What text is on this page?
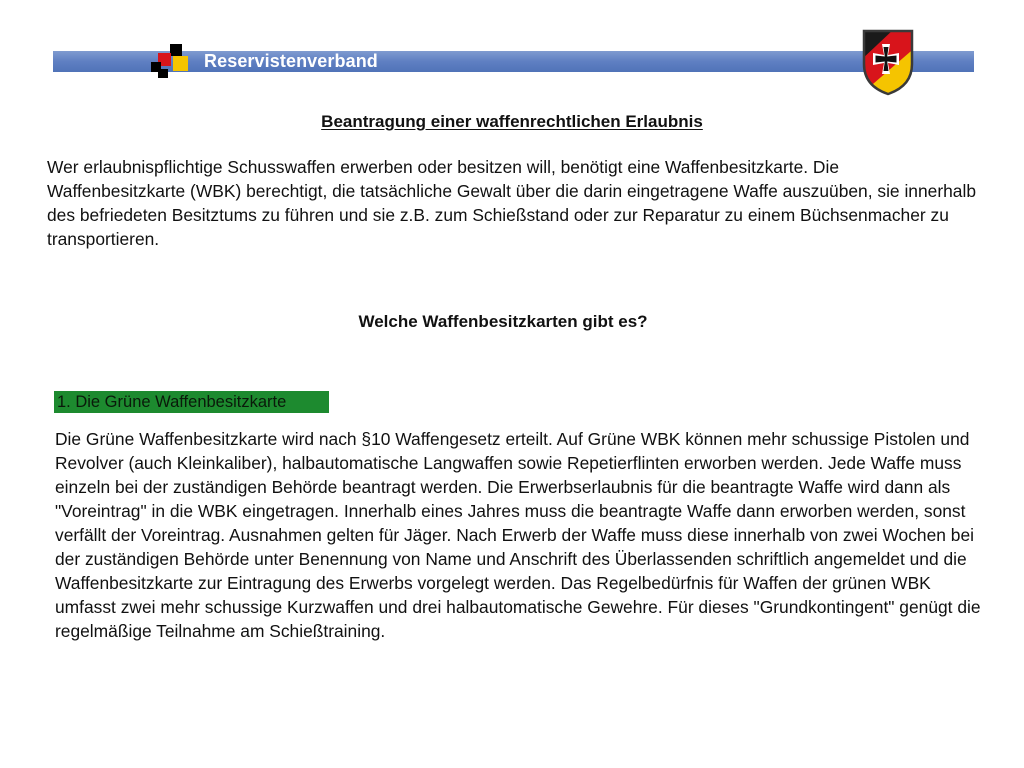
Reservistenverband
Beantragung einer waffenrechtlichen Erlaubnis

Wer erlaubnispflichtige Schusswaffen erwerben oder besitzen will, benötigt eine Waffenbesitzkarte. Die Waffenbesitzkarte (WBK) berechtigt, die tatsächliche Gewalt über die darin eingetragene Waffe auszuüben, sie innerhalb des befriedeten Besitztums zu führen und sie z.B. zum Schießstand oder zur Reparatur zu einem Büchsenmacher zu transportieren.

Welche Waffenbesitzkarten gibt es?
1. Die Grüne Waffenbesitzkarte

Die Grüne Waffenbesitzkarte wird nach §10 Waffengesetz erteilt. Auf Grüne WBK können mehr schussige Pistolen und Revolver (auch Kleinkaliber), halbautomatische Langwaffen sowie Repetierflinten erworben werden. Jede Waffe muss einzeln bei der zuständigen Behörde beantragt werden. Die Erwerbserlaubnis für die beantragte Waffe wird dann als "Voreintrag" in die WBK eingetragen. Innerhalb eines Jahres muss die beantragte Waffe dann erworben werden, sonst verfällt der Voreintrag. Ausnahmen gelten für Jäger. Nach Erwerb der Waffe muss diese innerhalb von zwei Wochen bei der zuständigen Behörde unter Benennung von Name und Anschrift des Überlassenden schriftlich angemeldet und die Waffenbesitzkarte zur Eintragung des Erwerbs vorgelegt werden. Das Regelbedürfnis für Waffen der grünen WBK umfasst zwei mehr schussige Kurzwaffen und drei halbautomatische Gewehre. Für dieses "Grundkontingent" genügt die regelmäßige Teilnahme am Schießtraining.
